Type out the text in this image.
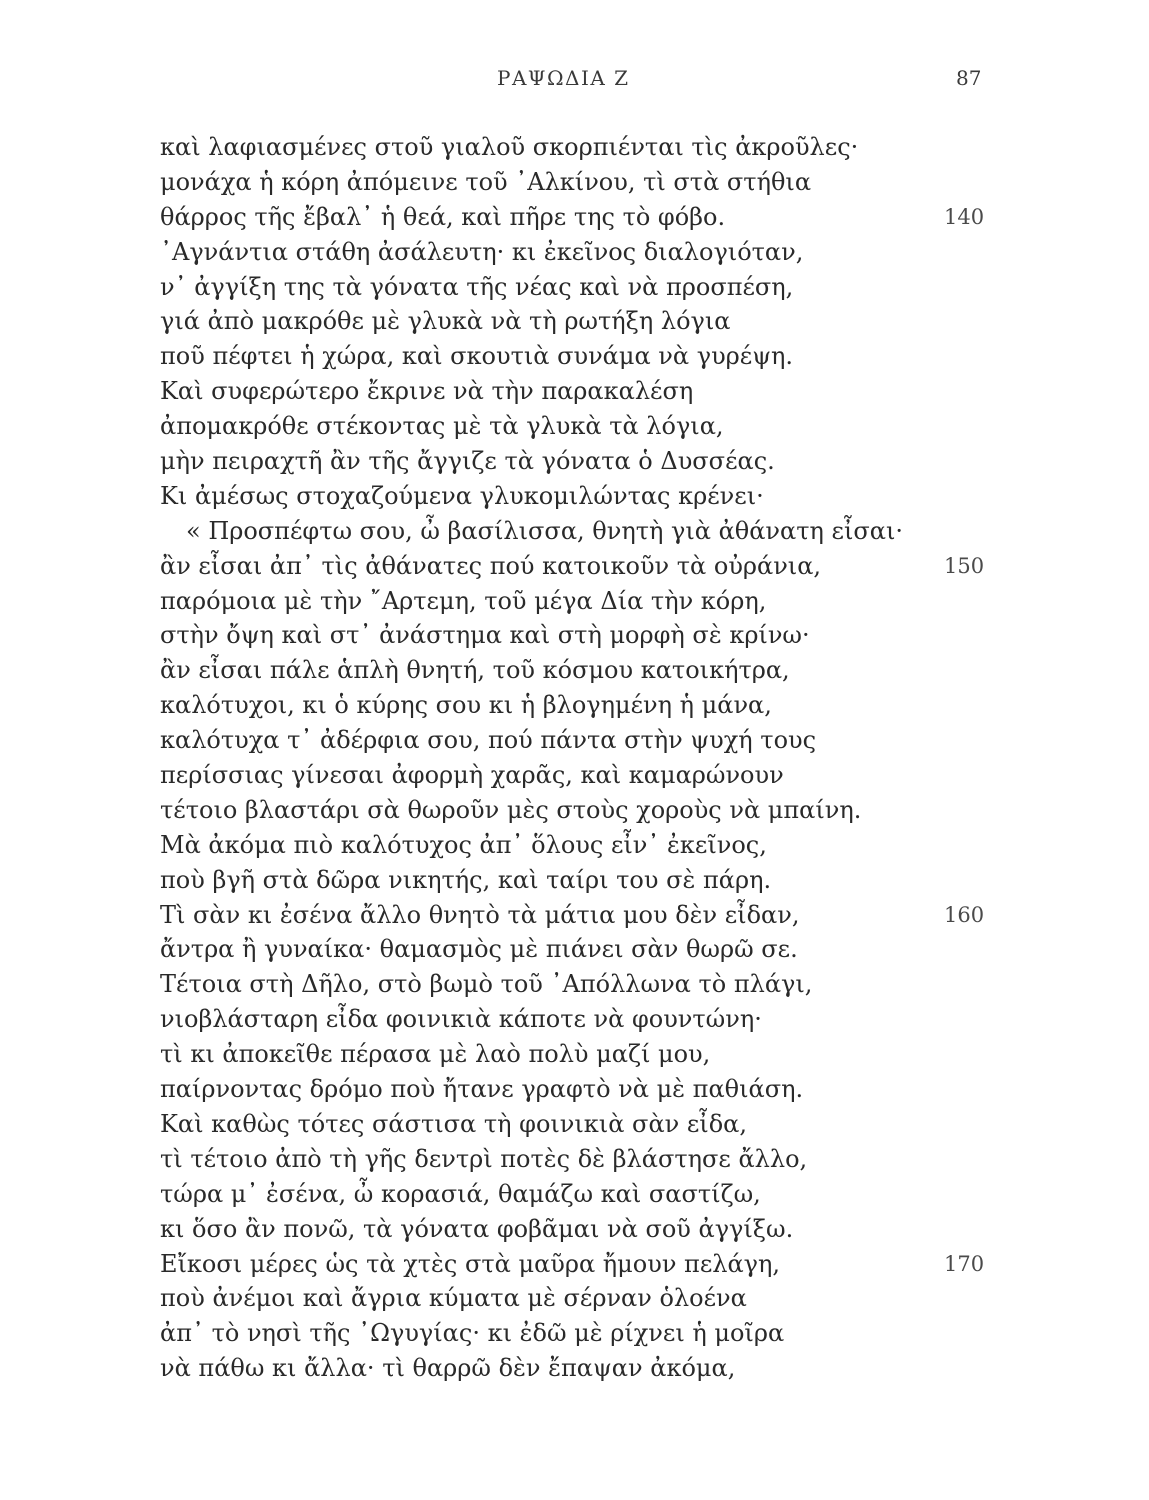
ΡΑΨΩΔΙΑ Ζ	87
καὶ λαφιασμένες στοῦ γιαλοῦ σκορπιένται τὶς ἀκροῦλες·
μονάχα ἡ κόρη ἀπόμεινε τοῦ ᾿Αλκίνου, τὶ στὰ στήθια
θάρρος τῆς ἔβαλ᾿ ἡ θεά, καὶ πῆρε της τὸ φόβο.	140
᾿Αγνάντια στάθη ἀσάλευτη· κι ἐκεῖνος διαλογιόταν,
ν᾿ ἀγγίξη της τὰ γόνατα τῆς νέας καὶ νὰ προσπέση,
γιά ἀπὸ μακρόθε μὲ γλυκὰ νὰ τὴ ρωτήξη λόγια
ποῦ πέφτει ἡ χώρα, καὶ σκουτιὰ συνάμα νὰ γυρέψη.
Καὶ συφερώτερο ἔκρινε νὰ τὴν παρακαλέση
ἀπομακρόθε στέκοντας μὲ τὰ γλυκὰ τὰ λόγια,
μὴν πειραχτῆ ἂν τῆς ἄγγιζε τὰ γόνατα ὁ Δυσσέας.
Κι ἀμέσως στοχαζούμενα γλυκομιλώντας κρένει·
« Προσπέφτω σου, ὦ βασίλισσα, θνητὴ γιὰ ἀθάνατη εἶσαι·
ἂν εἶσαι ἀπ᾿ τὶς ἀθάνατες πού κατοικοῦν τὰ οὐράνια,	150
παρόμοια μὲ τὴν ῎Αρτεμη, τοῦ μέγα Δία τὴν κόρη,
στὴν ὄψη καὶ στ᾿ ἀνάστημα καὶ στὴ μορφὴ σὲ κρίνω·
ἂν εἶσαι πάλε ἁπλὴ θνητή, τοῦ κόσμου κατοικήτρα,
καλότυχοι, κι ὁ κύρης σου κι ἡ βλογημένη ἡ μάνα,
καλότυχα τ᾿ ἀδέρφια σου, πού πάντα στὴν ψυχή τους
περίσσιας γίνεσαι ἀφορμὴ χαρᾶς, καὶ καμαρώνουν
τέτοιο βλαστάρι σὰ θωροῦν μὲς στοὺς χοροὺς νὰ μπαίνη.
Μὰ ἀκόμα πιὸ καλότυχος ἀπ᾿ ὅλους εἶν᾿ ἐκεῖνος,
ποὺ βγῆ στὰ δῶρα νικητής, καὶ ταίρι του σὲ πάρη.
Τὶ σὰν κι ἐσένα ἄλλο θνητὸ τὰ μάτια μου δὲν εἶδαν,	160
ἄντρα ἢ γυναίκα· θαμασμὸς μὲ πιάνει σὰν θωρῶ σε.
Τέτοια στὴ Δῆλο, στὸ βωμὸ τοῦ ᾿Απόλλωνα τὸ πλάγι,
νιοβλάσταρη εἶδα φοινικιὰ κάποτε νὰ φουντώνη·
τὶ κι ἀποκεῖθε πέρασα μὲ λαὸ πολὺ μαζί μου,
παίρνοντας δρόμο ποὺ ἤτανε γραφτὸ νὰ μὲ παθιάση.
Καὶ καθὼς τότες σάστισα τὴ φοινικιὰ σὰν εἶδα,
τὶ τέτοιο ἀπὸ τὴ γῆς δεντρὶ ποτὲς δὲ βλάστησε ἄλλο,
τώρα μ᾿ ἐσένα, ὦ κορασιά, θαμάζω καὶ σαστίζω,
κι ὅσο ἂν πονῶ, τὰ γόνατα φοβᾶμαι νὰ σοῦ ἀγγίξω.
Εἴκοσι μέρες ὡς τὰ χτὲς στὰ μαῦρα ἤμουν πελάγη,	170
ποὺ ἀνέμοι καὶ ἄγρια κύματα μὲ σέρναν ὁλοένα
ἀπ᾿ τὸ νησὶ τῆς ᾿Ωγυγίας· κι ἐδῶ μὲ ρίχνει ἡ μοῖρα
νὰ πάθω κι ἄλλα· τὶ θαρρῶ δὲν ἔπαψαν ἀκόμα,
